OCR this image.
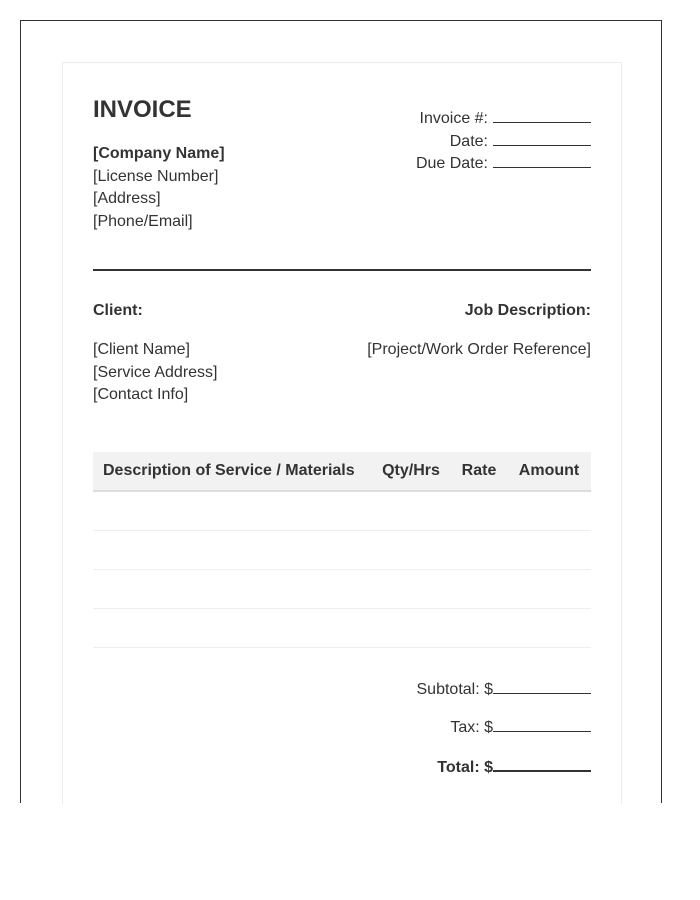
INVOICE
[Company Name]
[License Number]
[Address]
[Phone/Email]
Invoice #:
Date:
Due Date:
Client:	Job Description:
[Client Name]
[Service Address]
[Contact Info]
[Project/Work Order Reference]
Description of Service / Materials	Qty/Hrs	Rate	Amount
Subtotal: $
Tax: $
Total: $
